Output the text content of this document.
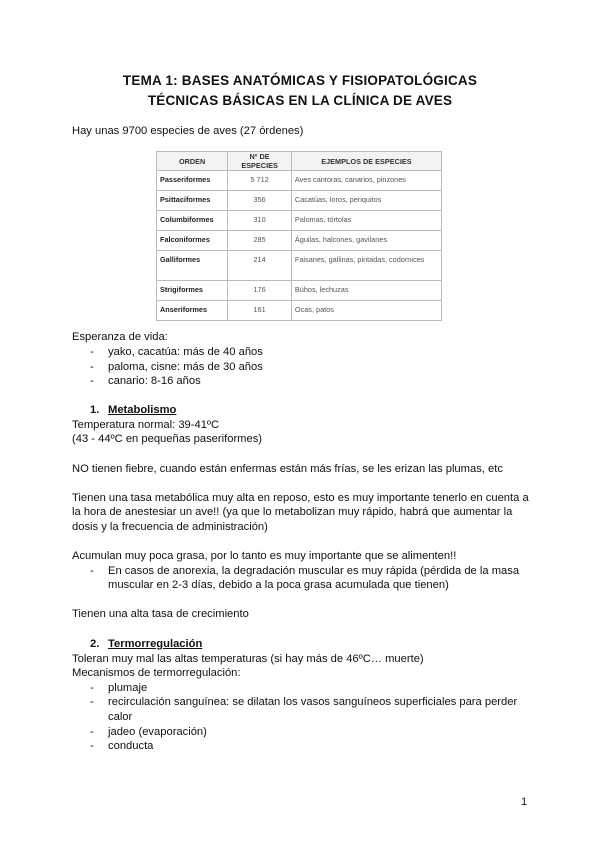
TEMA 1: BASES ANATÓMICAS Y FISIOPATOLÓGICAS
TÉCNICAS BÁSICAS EN LA CLÍNICA DE AVES
Hay unas 9700 especies de aves (27 órdenes)
ORDEN	Nº DE ESPECIES	EJEMPLOS DE ESPECIES
Passeriformes	5 712	Aves cantoras, canarios, pinzones
Psittaciformes	356	Cacatúas, loros, periquitos
Columbiformes	310	Palomas, tórtolas
Falconiformes	285	Águilas, halcones, gavilanes
Galliformes	214	Faisanes, gallinas, pintadas, codornices
Strigiformes	176	Búhos, lechuzas
Anseriformes	161	Ocas, patos
Esperanza de vida:
- yako, cacatúa: más de 40 años
- paloma, cisne: más de 30 años
- canario: 8-16 años
1. Metabolismo
Temperatura normal: 39-41ºC
(43 - 44ºC en pequeñas paseriformes)
NO tienen fiebre, cuando están enfermas están más frías, se les erizan las plumas, etc
Tienen una tasa metabólica muy alta en reposo, esto es muy importante tenerlo en cuenta a
la hora de anestesiar un ave!! (ya que lo metabolizan muy rápido, habrá que aumentar la
dosis y la frecuencia de administración)
Acumulan muy poca grasa, por lo tanto es muy importante que se alimenten!!
- En casos de anorexia, la degradación muscular es muy rápida (pérdida de la masa
muscular en 2-3 días, debido a la poca grasa acumulada que tienen)
Tienen una alta tasa de crecimiento
2. Termorregulación
Toleran muy mal las altas temperaturas (si hay más de 46ºC… muerte)
Mecanismos de termorregulación:
- plumaje
- recirculación sanguínea: se dilatan los vasos sanguíneos superficiales para perder
calor
- jadeo (evaporación)
- conducta
1
